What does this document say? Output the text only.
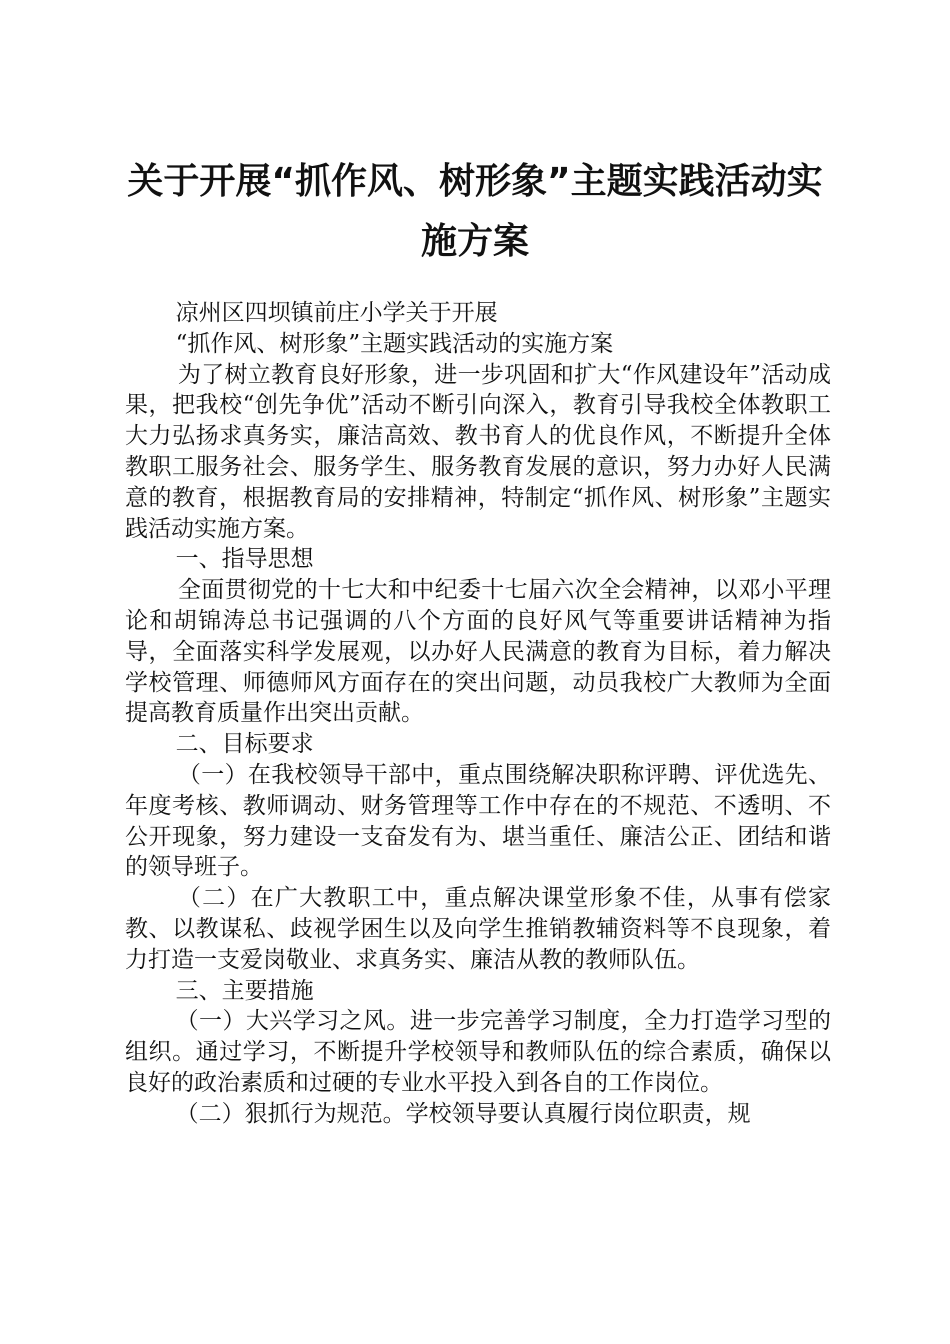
关于开展“抓作风、树形象”主题实践活动实
施方案

凉州区四坝镇前庄小学关于开展

“抓作风、树形象”主题实践活动的实施方案

为了树立教育良好形象，进一步巩固和扩大“作风建设年”活动成果，把我校“创先争优”活动不断引向深入，教育引导我校全体教职工大力弘扬求真务实，廉洁高效、教书育人的优良作风，不断提升全体教职工服务社会、服务学生、服务教育发展的意识，努力办好人民满意的教育，根据教育局的安排精神，特制定“抓作风、树形象”主题实践活动实施方案。

一、指导思想

全面贯彻党的十七大和中纪委十七届六次全会精神，以邓小平理论和胡锦涛总书记强调的八个方面的良好风气等重要讲话精神为指导，全面落实科学发展观，以办好人民满意的教育为目标，着力解决学校管理、师德师风方面存在的突出问题，动员我校广大教师为全面提高教育质量作出突出贡献。

二、目标要求

（一）在我校领导干部中，重点围绕解决职称评聘、评优选先、年度考核、教师调动、财务管理等工作中存在的不规范、不透明、不公开现象，努力建设一支奋发有为、堪当重任、廉洁公正、团结和谐的领导班子。

（二）在广大教职工中，重点解决课堂形象不佳，从事有偿家教、以教谋私、歧视学困生以及向学生推销教辅资料等不良现象，着力打造一支爱岗敬业、求真务实、廉洁从教的教师队伍。

三、主要措施

（一）大兴学习之风。进一步完善学习制度，全力打造学习型的组织。通过学习，不断提升学校领导和教师队伍的综合素质，确保以良好的政治素质和过硬的专业水平投入到各自的工作岗位。

（二）狠抓行为规范。学校领导要认真履行岗位职责，规
